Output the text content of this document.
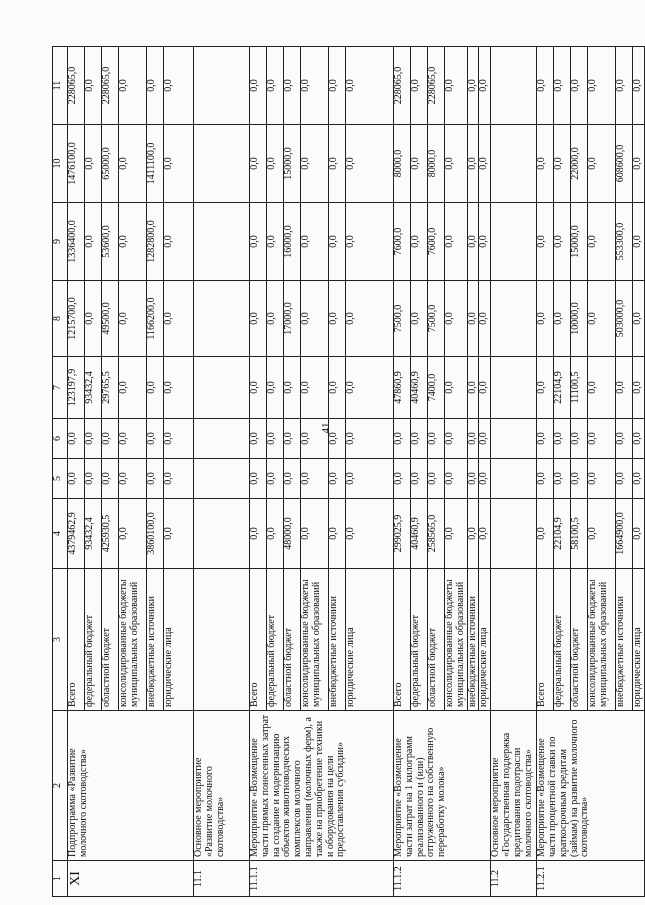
41
1	2	3	4	5	6	7	8	9	10	11
XI	Подпрограмма «Развитие молочного скотоводства»	Всего	4379462,9	0,0	0,0	123197,9	1215700,0	1336400,0	1476100,0	228065,0
		федеральный бюджет	93432,4	0,0	0,0	93432,4	0,0	0,0	0,0	0,0
		областной бюджет	425930,5	0,0	0,0	29765,5	49500,0	53600,0	65000,0	228065,0
		консолидированные бюджеты муниципальных образований	0,0	0,0	0,0	0,0	0,0	0,0	0,0	0,0
		внебюджетные источники	3860100,0	0,0	0,0	0,0	1166200,0	1282800,0	1411100,0	0,0
		юридические лица	0,0	0,0	0,0	0,0	0,0	0,0	0,0	0,0
11.1	Основное мероприятие «Развитие молочного скотоводства»									
11.1.1	Мероприятие «Возмещение части прямых понесенных затрат на создание и модернизацию объектов животноводческих комплексов молочного направления (молочных ферм), а также на приобретение техники и оборудования на цели предоставления субсидии»	Всего	0,0	0,0	0,0	0,0	0,0	0,0	0,0	0,0
		федеральный бюджет	0,0	0,0	0,0	0,0	0,0	0,0	0,0	0,0
		областной бюджет	48000,0	0,0	0,0	0,0	17000,0	16000,0	15000,0	0,0
		консолидированные бюджеты муниципальных образований	0,0	0,0	0,0	0,0	0,0	0,0	0,0	0,0
		внебюджетные источники	0,0	0,0	0,0	0,0	0,0	0,0	0,0	0,0
		юридические лица	0,0	0,0	0,0	0,0	0,0	0,0	0,0	0,0
11.1.2	Мероприятие «Возмещение части затрат на 1 килограмм реализованного и (или) отгруженного на собственную переработку молока»	Всего	299025,9	0,0	0,0	47860,9	7500,0	7600,0	8000,0	228065,0
		федеральный бюджет	40460,9	0,0	0,0	40460,9	0,0	0,0	0,0	0,0
		областной бюджет	258565,0	0,0	0,0	7400,0	7500,0	7600,0	8000,0	228065,0
		консолидированные бюджеты муниципальных образований	0,0	0,0	0,0	0,0	0,0	0,0	0,0	0,0
		внебюджетные источники	0,0	0,0	0,0	0,0	0,0	0,0	0,0	0,0
		юридические лица	0,0	0,0	0,0	0,0	0,0	0,0	0,0	0,0
11.2	Основное мероприятие «Государственная поддержка кредитования подотрасли молочного скотоводства»									
11.2.1	Мероприятие «Возмещение части процентной ставки по краткосрочным кредитам (займам) на развитие молочного скотоводства»	Всего	0,0	0,0	0,0	0,0	0,0	0,0	0,0	0,0
		федеральный бюджет	22104,9	0,0	0,0	22104,9	0,0	0,0	0,0	0,0
		областной бюджет	58100,5	0,0	0,0	11100,5	10000,0	15000,0	22000,0	0,0
		консолидированные бюджеты муниципальных образований	0,0	0,0	0,0	0,0	0,0	0,0	0,0	0,0
		внебюджетные источники	1664900,0	0,0	0,0	0,0	503000,0	553300,0	608600,0	0,0
		юридические лица	0,0	0,0	0,0	0,0	0,0	0,0	0,0	0,0
